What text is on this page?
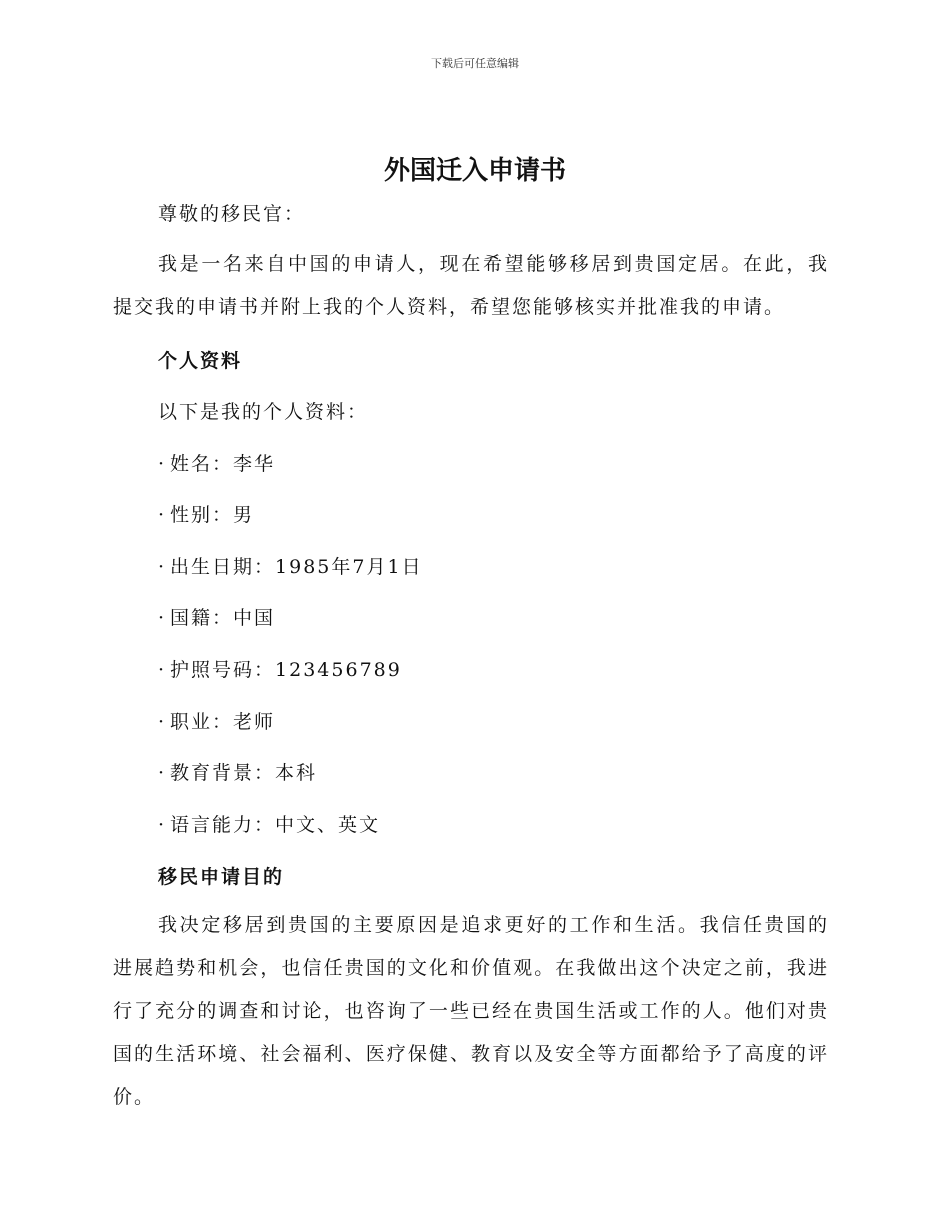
下载后可任意编辑
外国迁入申请书
尊敬的移民官：

我是一名来自中国的申请人，现在希望能够移居到贵国定居。在此，我提交我的申请书并附上我的个人资料，希望您能够核实并批准我的申请。

个人资料
以下是我的个人资料：
· 姓名：李华
· 性别：男
· 出生日期：1985年7月1日
· 国籍：中国
· 护照号码：123456789
· 职业：老师
· 教育背景：本科
· 语言能力：中文、英文
移民申请目的

我决定移居到贵国的主要原因是追求更好的工作和生活。我信任贵国的进展趋势和机会，也信任贵国的文化和价值观。在我做出这个决定之前，我进行了充分的调查和讨论，也咨询了一些已经在贵国生活或工作的人。他们对贵国的生活环境、社会福利、医疗保健、教育以及安全等方面都给予了高度的评价。
